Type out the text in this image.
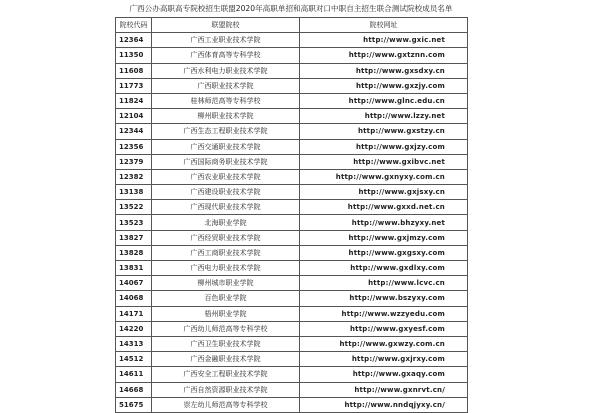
广西公办高职高专院校招生联盟2020年高职单招和高职对口中职自主招生联合测试院校成员名单
院校代码	联盟院校	院校网址
12364	广西工业职业技术学院	http://www.gxic.net
11350	广西体育高等专科学校	http://www.gxtznn.com
11608	广西水利电力职业技术学院	http://www.gxsdxy.cn
11773	广西职业技术学院	http://www.gxzjy.com
11824	桂林师范高等专科学校	http://www.glnc.edu.cn
12104	柳州职业技术学院	http://www.lzzy.net
12344	广西生态工程职业技术学院	http://www.gxstzy.cn
12356	广西交通职业技术学院	http://www.gxjzy.com
12379	广西国际商务职业技术学院	http://www.gxibvc.net
12382	广西农业职业技术学院	http://www.gxnyxy.com.cn
13138	广西建设职业技术学院	http://www.gxjsxy.cn
13522	广西现代职业技术学院	http://www.gxxd.net.cn
13523	北海职业学院	http://www.bhzyxy.net
13827	广西经贸职业技术学院	http://www.gxjmzy.com
13828	广西工商职业技术学院	http://www.gxgsxy.com
13831	广西电力职业技术学院	http://www.gxdlxy.com
14067	柳州城市职业学院	http://www.lcvc.cn
14068	百色职业学院	http://www.bszyxy.com
14171	梧州职业学院	http://www.wzzyedu.com
14220	广西幼儿师范高等专科学校	http://www.gxyesf.com
14313	广西卫生职业技术学院	http://www.gxwzy.com.cn
14512	广西金融职业技术学院	http://www.gxjrxy.com
14611	广西安全工程职业技术学院	http://www.gxaqy.com
14668	广西自然资源职业技术学院	http://www.gxnrvt.cn/
51675	崇左幼儿师范高等专科学校	http://www.nndqjyxy.cn/
